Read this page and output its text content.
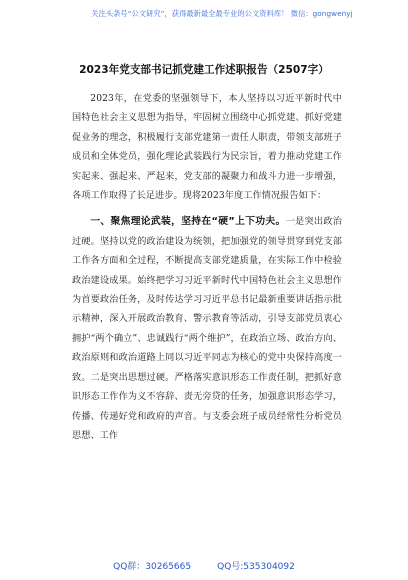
关注头条号“公文研究”，获得最新最全最专业的公文资料库！ 微信：gongwenyj
2023年党支部书记抓党建工作述职报告（2507字）

2023年，在党委的坚强领导下，本人坚持以习近平新时代中国特色社会主义思想为指导，牢固树立围绕中心抓党建、抓好党建促业务的理念，积极履行支部党建第一责任人职责，带领支部班子成员和全体党员，强化理论武装践行为民宗旨，着力推动党建工作实起来、强起来、严起来，党支部的凝聚力和战斗力进一步增强，各项工作取得了长足进步。现将2023年度工作情况报告如下：

一、聚焦理论武装，坚持在“硬”上下功夫。一是突出政治过硬。坚持以党的政治建设为统领，把加强党的领导贯穿到党支部工作各方面和全过程，不断提高支部党建质量，在实际工作中检验政治建设成果。始终把学习习近平新时代中国特色社会主义思想作为首要政治任务，及时传达学习习近平总书记最新重要讲话指示批示精神，深入开展政治教育、警示教育等活动，引导支部党员衷心拥护“两个确立”、忠诚践行“两个维护”，在政治立场、政治方向、政治原则和政治道路上同以习近平同志为核心的党中央保持高度一致。二是突出思想过硬。严格落实意识形态工作责任制，把抓好意识形态工作作为义不容辞、责无旁贷的任务，加强意识形态学习，传播、传递好党和政府的声音。与支委会班子成员经常性分析党员思想、工作

QQ群：30265665	QQ号:535304092
